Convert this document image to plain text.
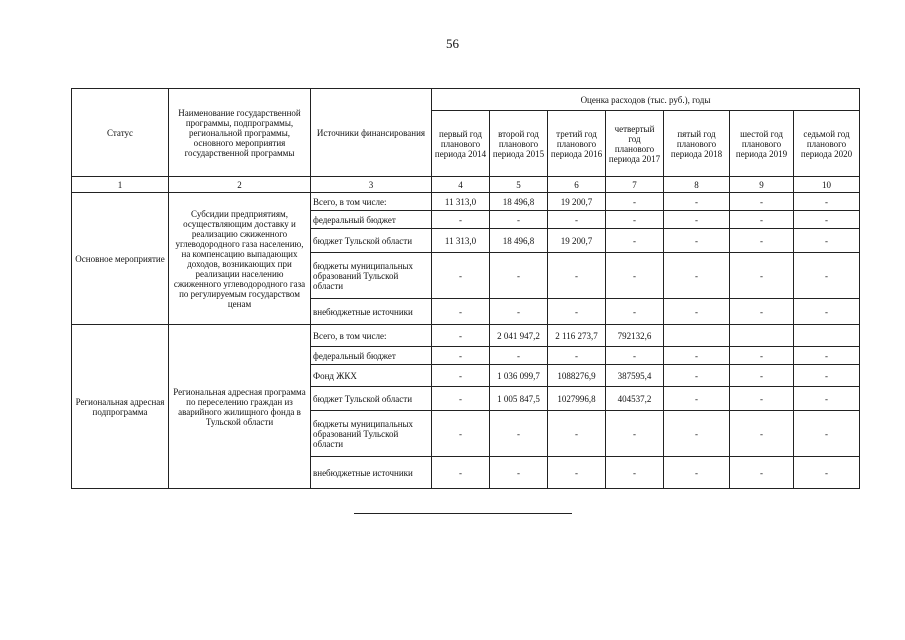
56
Статус	Наименование государственной программы, подпрограммы, региональной программы, основного мероприятия государственной программы	Источники финансирования	Оценка расходов (тыс. руб.), годы						
			первый год планового периода 2014	второй год планового периода 2015	третий год планового периода 2016	четвертый год планового периода 2017	пятый год планового периода 2018	шестой год планового периода 2019	седьмой год планового периода 2020
1	2	3	4	5	6	7	8	9	10
Основное мероприятие	Субсидии предприятиям, осуществляющим доставку и реализацию сжиженного углеводородного газа населению, на компенсацию выпадающих доходов, возникающих при реализации населению сжиженного углеводородного газа по регулируемым государством ценам	Всего, в том числе:	11 313,0	18 496,8	19 200,7	-	-	-	-
		федеральный бюджет	-	-	-	-	-	-	-
		бюджет Тульской области	11 313,0	18 496,8	19 200,7	-	-	-	-
		бюджеты муниципальных образований Тульской области	-	-	-	-	-	-	-
		внебюджетные источники	-	-	-	-	-	-	-
Региональная адресная подпрограмма	Региональная адресная программа по переселению граждан из аварийного жилищного фонда в Тульской области	Всего, в том числе:	-	2 041 947,2	2 116 273,7	792132,6			
		федеральный бюджет	-	-	-	-	-	-	-
		Фонд ЖКХ	-	1 036 099,7	1088276,9	387595,4	-	-	-
		бюджет Тульской области	-	1 005 847,5	1027996,8	404537,2	-	-	-
		бюджеты муниципальных образований Тульской области	-	-	-	-	-	-	-
		внебюджетные источники	-	-	-	-	-	-	-
